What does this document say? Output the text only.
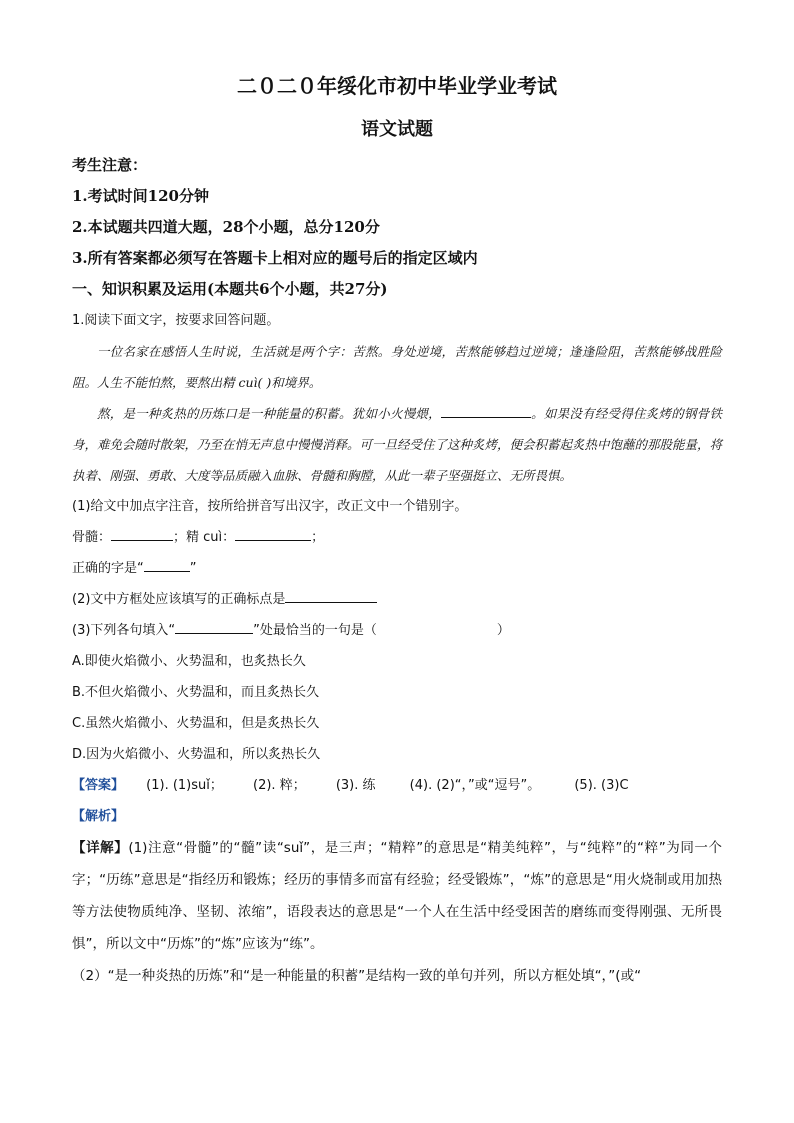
二０二０年绥化市初中毕业学业考试
语文试题
考生注意：
1.考试时间120分钟
2.本试题共四道大题，28个小题，总分120分
3.所有答案都必须写在答题卡上相对应的题号后的指定区域内
一、知识积累及运用(本题共6个小题，共27分)
1.阅读下面文字，按要求回答问题。

一位名家在感悟人生时说，生活就是两个字：苦熬。身处逆境，苦熬能够趋过逆境；逢逢险阻，苦熬能够战胜险阻。人生不能怕熬，要熬出精 cuì( )和境界。

熬，是一种炙热的历炼口是一种能量的积蓄。犹如小火慢煨，	。如果没有经受得住炙烤的钢骨铁身，难免会随时散架，乃至在悄无声息中慢慢消释。可一旦经受住了这种炙烤，便会积蓄起炙热中饱蘸的那股能量，将执着、刚强、勇敢、大度等品质融入血脉、骨髓和胸膛，从此一辈子坚强挺立、无所畏惧。

(1)给文中加点字注音，按所给拼音写出汉字，改正文中一个错别字。
骨髓：	；精 cuì：	；
正确的字是“	”
(2)文中方框处应该填写的正确标点是
(3)下列各句填入“	”处最恰当的一句是（	）
A.即使火焰微小、火势温和，也炙热长久
B.不但火焰微小、火势温和，而且炙热长久
C.虽然火焰微小、火势温和，但是炙热长久
D.因为火焰微小、火势温和，所以炙热长久
【答案】 (1). (1)suǐ； (2). 粹； (3). 练	(4). (2)“，”或“逗号”。	(5). (3)C
【解析】
【详解】(1)注意“骨髓”的“髓”读“suǐ”，是三声；“精粹”的意思是“精美纯粹”，与“纯粹”的“粹”为同一个字；“历练”意思是“指经历和锻炼；经历的事情多而富有经验；经受锻炼”，“炼”的意思是“用火烧制或用加热等方法使物质纯净、坚韧、浓缩”，语段表达的意思是“一个人在生活中经受困苦的磨练而变得刚强、无所畏惧”，所以文中“历炼”的“炼”应该为“练”。
（2）“是一种炎热的历炼”和“是一种能量的积蓄”是结构一致的单句并列，所以方框处填“，”(或“
